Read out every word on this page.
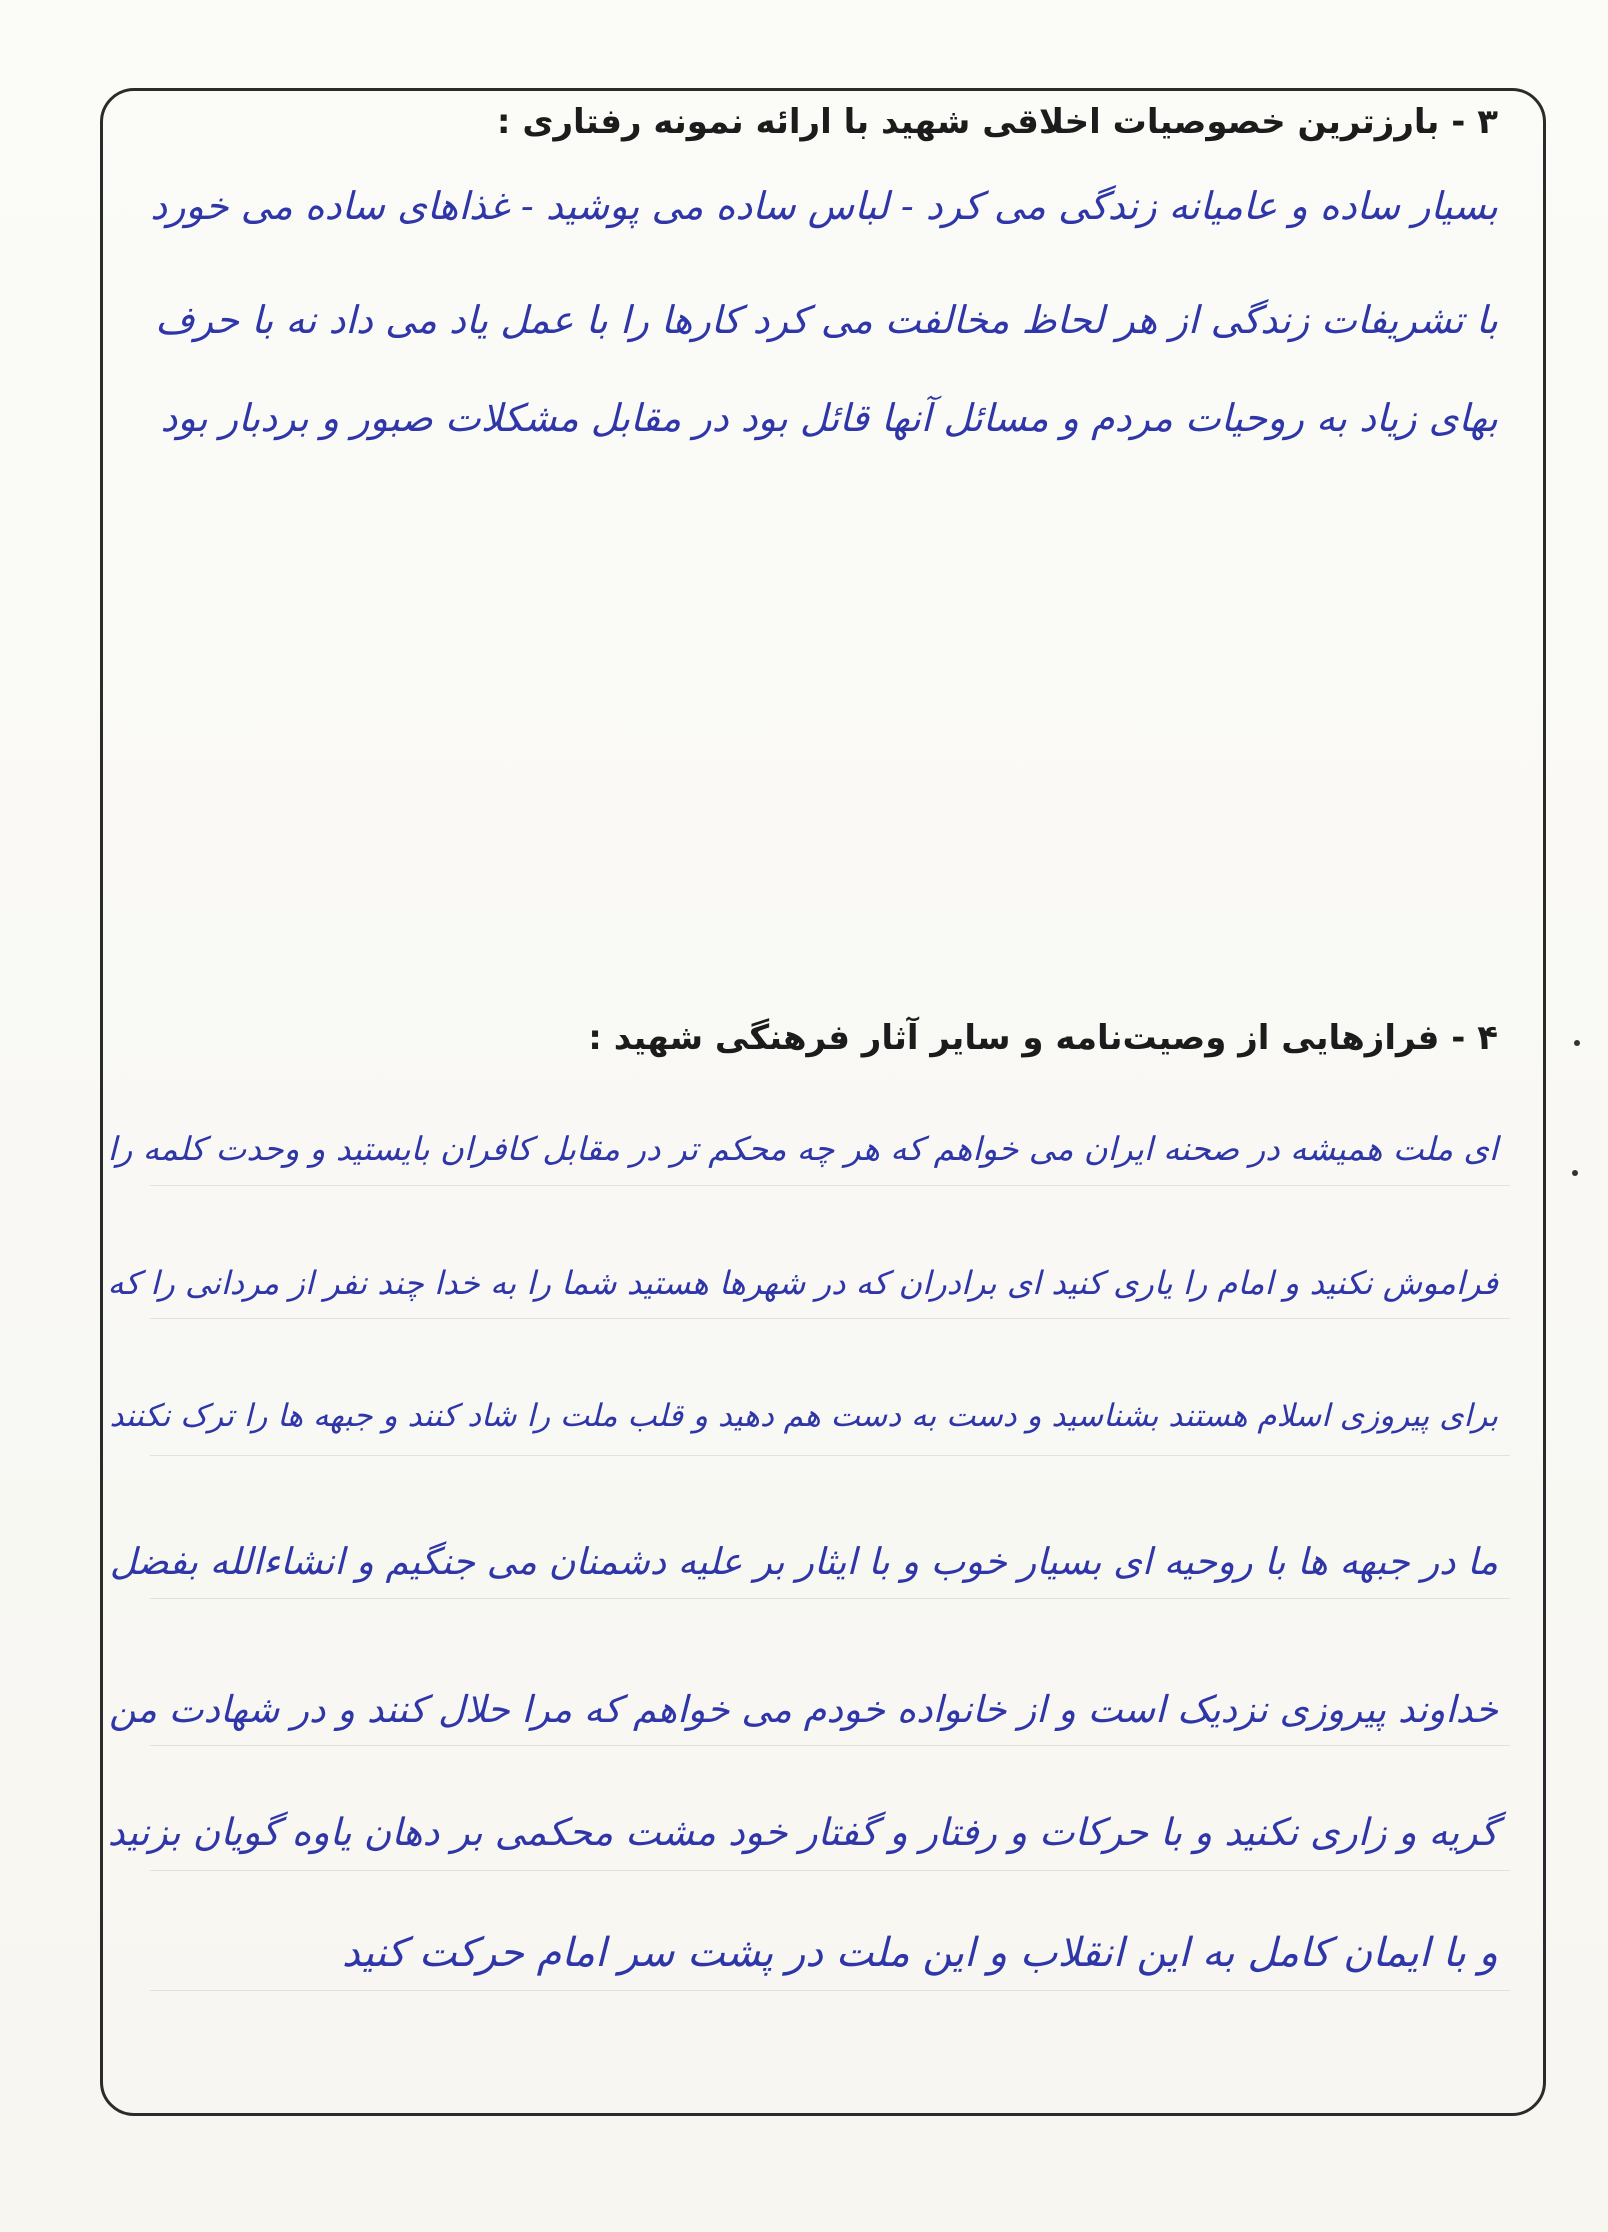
۳ - بارزترین خصوصیات اخلاقی شهید با ارائه نمونه رفتاری :
بسیار ساده و عامیانه زندگی می کرد - لباس ساده می پوشید - غذاهای ساده می خورد
با تشریفات زندگی از هر لحاظ مخالفت می کرد کارها را با عمل یاد می داد نه با حرف
بهای زیاد به روحیات مردم و مسائل آنها قائل بود در مقابل مشکلات صبور و بردبار بود
۴ - فرازهایی از وصیت‌نامه و سایر آثار فرهنگی شهید :
ای ملت همیشه در صحنه ایران می خواهم که هر چه محکم تر در مقابل کافران بایستید و وحدت کلمه را
فراموش نکنید و امام را یاری کنید ای برادران که در شهرها هستید شما را به خدا چند نفر از مردانی را که
برای پیروزی اسلام هستند بشناسید و دست به دست هم دهید و قلب ملت را شاد کنند و جبهه ها را ترک نکنند
ما در جبهه ها با روحیه ای بسیار خوب و با ایثار بر علیه دشمنان می جنگیم و انشاءالله بفضل
خداوند پیروزی نزدیک است و از خانواده خودم می خواهم که مرا حلال کنند و در شهادت من
گریه و زاری نکنید و با حرکات و رفتار و گفتار خود مشت محکمی بر دهان یاوه گویان بزنید
و با ایمان کامل به این انقلاب و این ملت در پشت سر امام حرکت کنید
